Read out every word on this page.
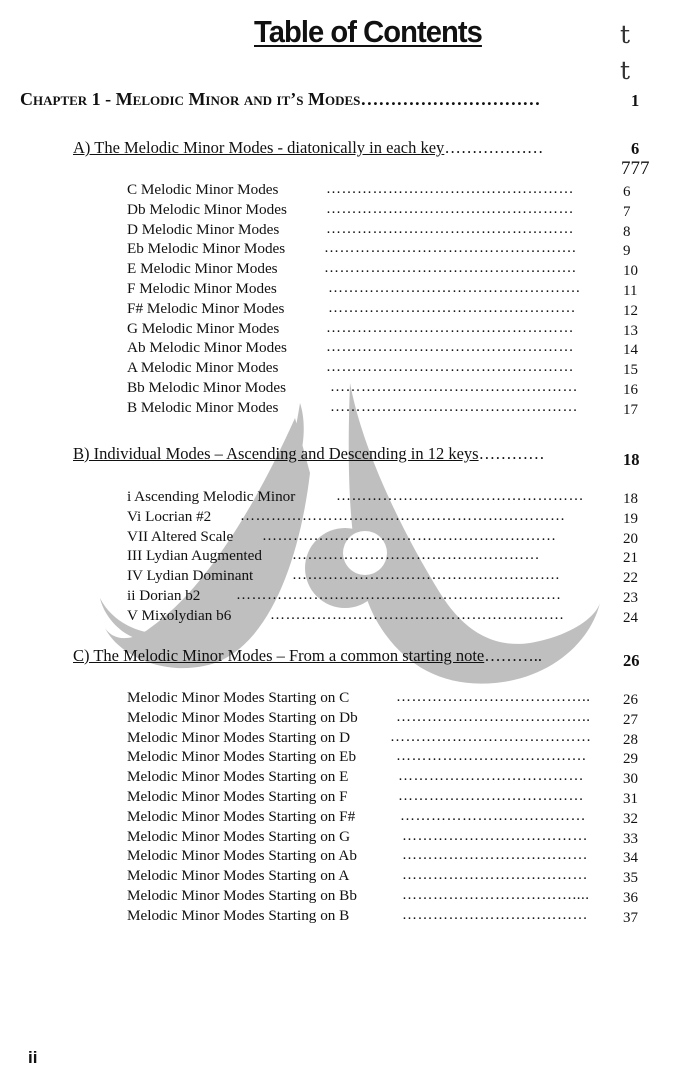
Table of Contents	t
t
Chapter 1 - Melodic Minor and it’s Modes…………………………	1
A) The Melodic Minor Modes - diatonically in each key………………	6
777
C Melodic Minor Modes	…………………………………………	6
Db Melodic Minor Modes	…………………………………………	7
D Melodic Minor Modes	…………………………………………	8
Eb Melodic Minor Modes	………………………………………….	9
E Melodic Minor Modes	………………………………………….	10
F Melodic Minor Modes	………………………………………….	11
F# Melodic Minor Modes	…………………………………………	12
G Melodic Minor Modes	…………………………………………	13
Ab Melodic Minor Modes	…………………………………………	14
A Melodic Minor Modes	…………………………………………	15
Bb Melodic Minor Modes	…………………………………………	16
B Melodic Minor Modes	…………………………………………	17
B) Individual Modes – Ascending and Descending in 12 keys…………	18
i Ascending Melodic Minor	…………………………………………	18
Vi Locrian #2 ………………………………………………………	19
VII Altered Scale …………………………………………………	20
III Lydian Augmented …………………………………………	21
IV Lydian Dominant	…………………………………………….	22
ii Dorian b2 ………………………………………………………	23
V Mixolydian b6	…………………………………………………	24
C) The Melodic Minor Modes – From a common starting note………..	26
Melodic Minor Modes Starting on C	……………………………….. 26
Melodic Minor Modes Starting on Db	……………………………….. 27
Melodic Minor Modes Starting on D	………………………………… 28
Melodic Minor Modes Starting on Eb	………………………………. 29
Melodic Minor Modes Starting on E	………………………………	30
Melodic Minor Modes Starting on F	………………………………	31
Melodic Minor Modes Starting on F#	……………………………… 32
Melodic Minor Modes Starting on G	……………………………… 33
Melodic Minor Modes Starting on Ab	……………………………… 34
Melodic Minor Modes Starting on A	……………………………… 35
Melodic Minor Modes Starting on Bb	…………………………….... 36
Melodic Minor Modes Starting on B	……………………………… 37
ii
